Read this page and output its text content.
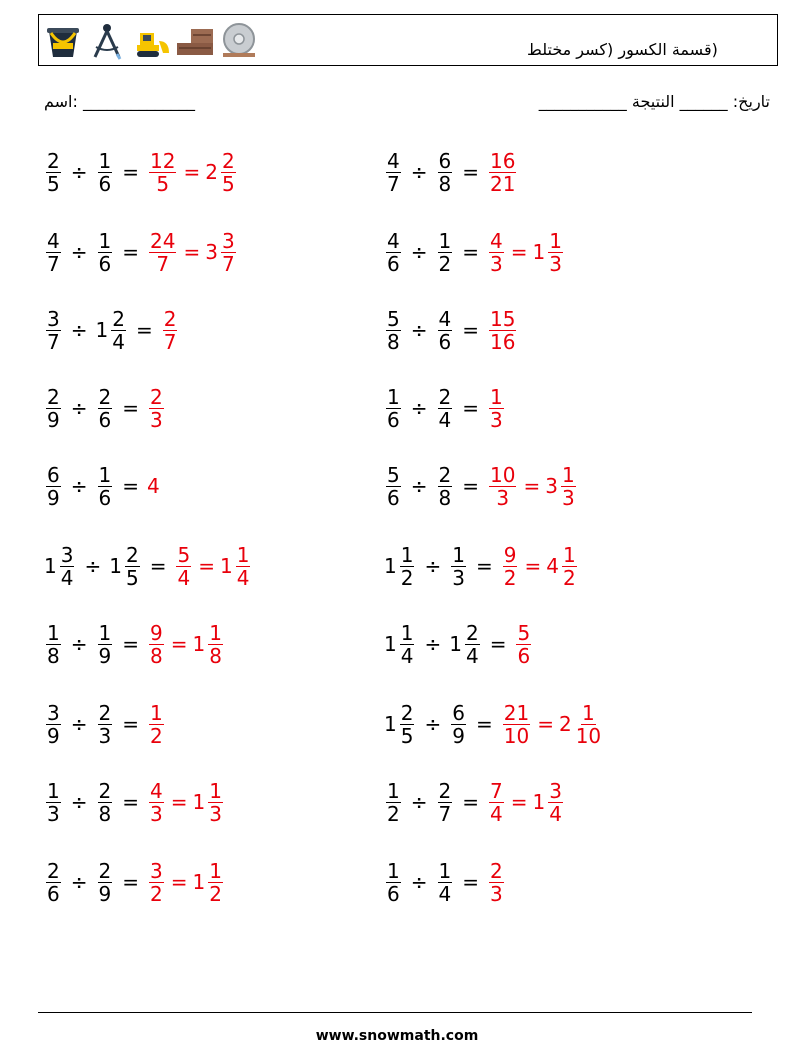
(قسمة الكسور (كسر مختلط
اسم: ______________	تاريخ: ______ النتيجة ___________
$\frac{2}{5} \div \frac{1}{6} = \frac{12}{5} = 2 \frac{2}{5}$	$\frac{4}{7} \div \frac{6}{8} = \frac{16}{21}$
$\frac{4}{7} \div \frac{1}{6} = \frac{24}{7} = 3 \frac{3}{7}$	$\frac{4}{6} \div \frac{1}{2} = \frac{4}{3} = 1 \frac{1}{3}$
$\frac{3}{7} \div 1 \frac{2}{4} = \frac{2}{7}$	$\frac{5}{8} \div \frac{4}{6} = \frac{15}{16}$
$\frac{2}{9} \div \frac{2}{6} = \frac{2}{3}$	$\frac{1}{6} \div \frac{2}{4} = \frac{1}{3}$
$\frac{6}{9} \div \frac{1}{6} = 4$	$\frac{5}{6} \div \frac{2}{8} = \frac{10}{3} = 3 \frac{1}{3}$
$1 \frac{3}{4} \div 1 \frac{2}{5} = \frac{5}{4} = 1 \frac{1}{4}$	$1 \frac{1}{2} \div \frac{1}{3} = \frac{9}{2} = 4 \frac{1}{2}$
$\frac{1}{8} \div \frac{1}{9} = \frac{9}{8} = 1 \frac{1}{8}$	$1 \frac{1}{4} \div 1 \frac{2}{4} = \frac{5}{6}$
$\frac{3}{9} \div \frac{2}{3} = \frac{1}{2}$	$1 \frac{2}{5} \div \frac{6}{9} = \frac{21}{10} = 2 \frac{1}{10}$
$\frac{1}{3} \div \frac{2}{8} = \frac{4}{3} = 1 \frac{1}{3}$	$\frac{1}{2} \div \frac{2}{7} = \frac{7}{4} = 1 \frac{3}{4}$
$\frac{2}{6} \div \frac{2}{9} = \frac{3}{2} = 1 \frac{1}{2}$	$\frac{1}{6} \div \frac{1}{4} = \frac{2}{3}$
www.snowmath.com
